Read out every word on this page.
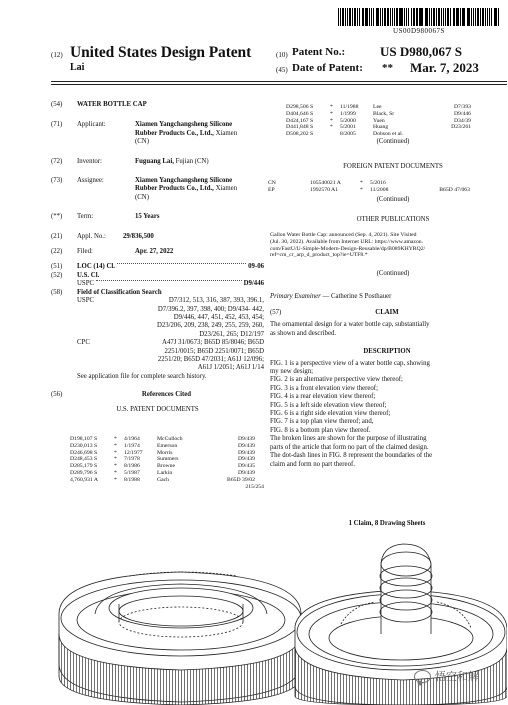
US00D980067S
(12) United States Design Patent
Lai
(10) Patent No.:	US D980,067 S
(45) Date of Patent: ** Mar. 7, 2023
(54)	WATER BOTTLE CAP
(71)	Applicant:	Xiamen Yangchangsheng Silicone
Rubber Products Co., Ltd., Xiamen
(CN)
(72)	Inventor:	Fuguang Lai, Fujian (CN)
(73)	Assignee:	Xiamen Yangchangsheng Silicone
Rubber Products Co., Ltd., Xiamen
(CN)
(**)	Term:	15 Years
(21)	Appl. No.:	29/836,500
(22)	Filed:	Apr. 27, 2022
(51)	LOC (14) Cl.	09-06
(52)	U.S. Cl.
USPC	D9/446
(58)	Field of Classification Search
USPC	D7/312, 513, 316, 387, 393, 396.1,
D7/396.2, 397, 398, 400; D9/434- 442,
D9/446, 447, 451, 452, 453, 454;
D23/206, 209, 238, 249, 255, 259, 260,
D23/261, 265; D12/197
CPC	A47J 31/0673; B65D 85/8046; B65D
2251/0015; B65D 2251/0071; B65D
2251/20; B65D 47/2031; A61J 12/096;
A61J 1/2051; A61J 1/14
See application file for complete search history.
(56)	References Cited
U.S. PATENT DOCUMENTS
D198,107 S	*	4/1964	McCulloch	D9/439
D230,013 S	*	1/1974	Emerson	D9/439
D246,698 S	*	12/1977	Morris	D9/439
D248,453 S	*	7/1978	Summers	D9/439
D285,179 S	*	8/1986	Browne	D9/435
D289,796 S	*	5/1987	Larkin	D9/439
4,760,931 A	*	8/1988	Gach	B65D 39/02
215/254
D298,506 S	*	11/1988	Lee	D7/393
D404,646 S	*	1/1999	Black, Sr	D9/446
D424,167 S	*	5/2000	Yuen	D34/39
D441,848 S	*	5/2001	Huang	D23/261
D508,202 S	8/2005	Dobson et al.
(Continued)
FOREIGN PATENT DOCUMENTS
CN	105540021 A	*	5/2016
EP	1992570 A1	*	11/2008	B65D 47/063
(Continued)
OTHER PUBLICATIONS
Gallon Water Bottle Cap: announced (Sep. 4, 2021). Site Visited
(Jul. 30, 2022). Available from Internet URL: https://www.amazon.
com/FastU/U-Simple-Modern-Design-Reusable/dp/B089KHYRQ2/
ref=cm_cr_arp_d_product_top?ie=UTF8.*
(Continued)
Primary Examiner — Catherine S Posthauer
(57)	CLAIM
The ornamental design for a water bottle cap, substantially
as shown and described.
DESCRIPTION
FIG. 1 is a perspective view of a water bottle cap, showing
my new design;
FIG. 2 is an alternative perspective view thereof;
FIG. 3 is a front elevation view thereof;
FIG. 4 is a rear elevation view thereof;
FIG. 5 is a left side elevation view thereof;
FIG. 6 is a right side elevation view thereof;
FIG. 7 is a top plan view thereof; and,
FIG. 8 is a bottom plan view thereof.
The broken lines are shown for the purpose of illustrating
parts of the article that form no part of the claimed design.
The dot-dash lines in FIG. 8 represent the boundaries of the
claim and form no part thereof.
1 Claim, 8 Drawing Sheets
悟空和解
